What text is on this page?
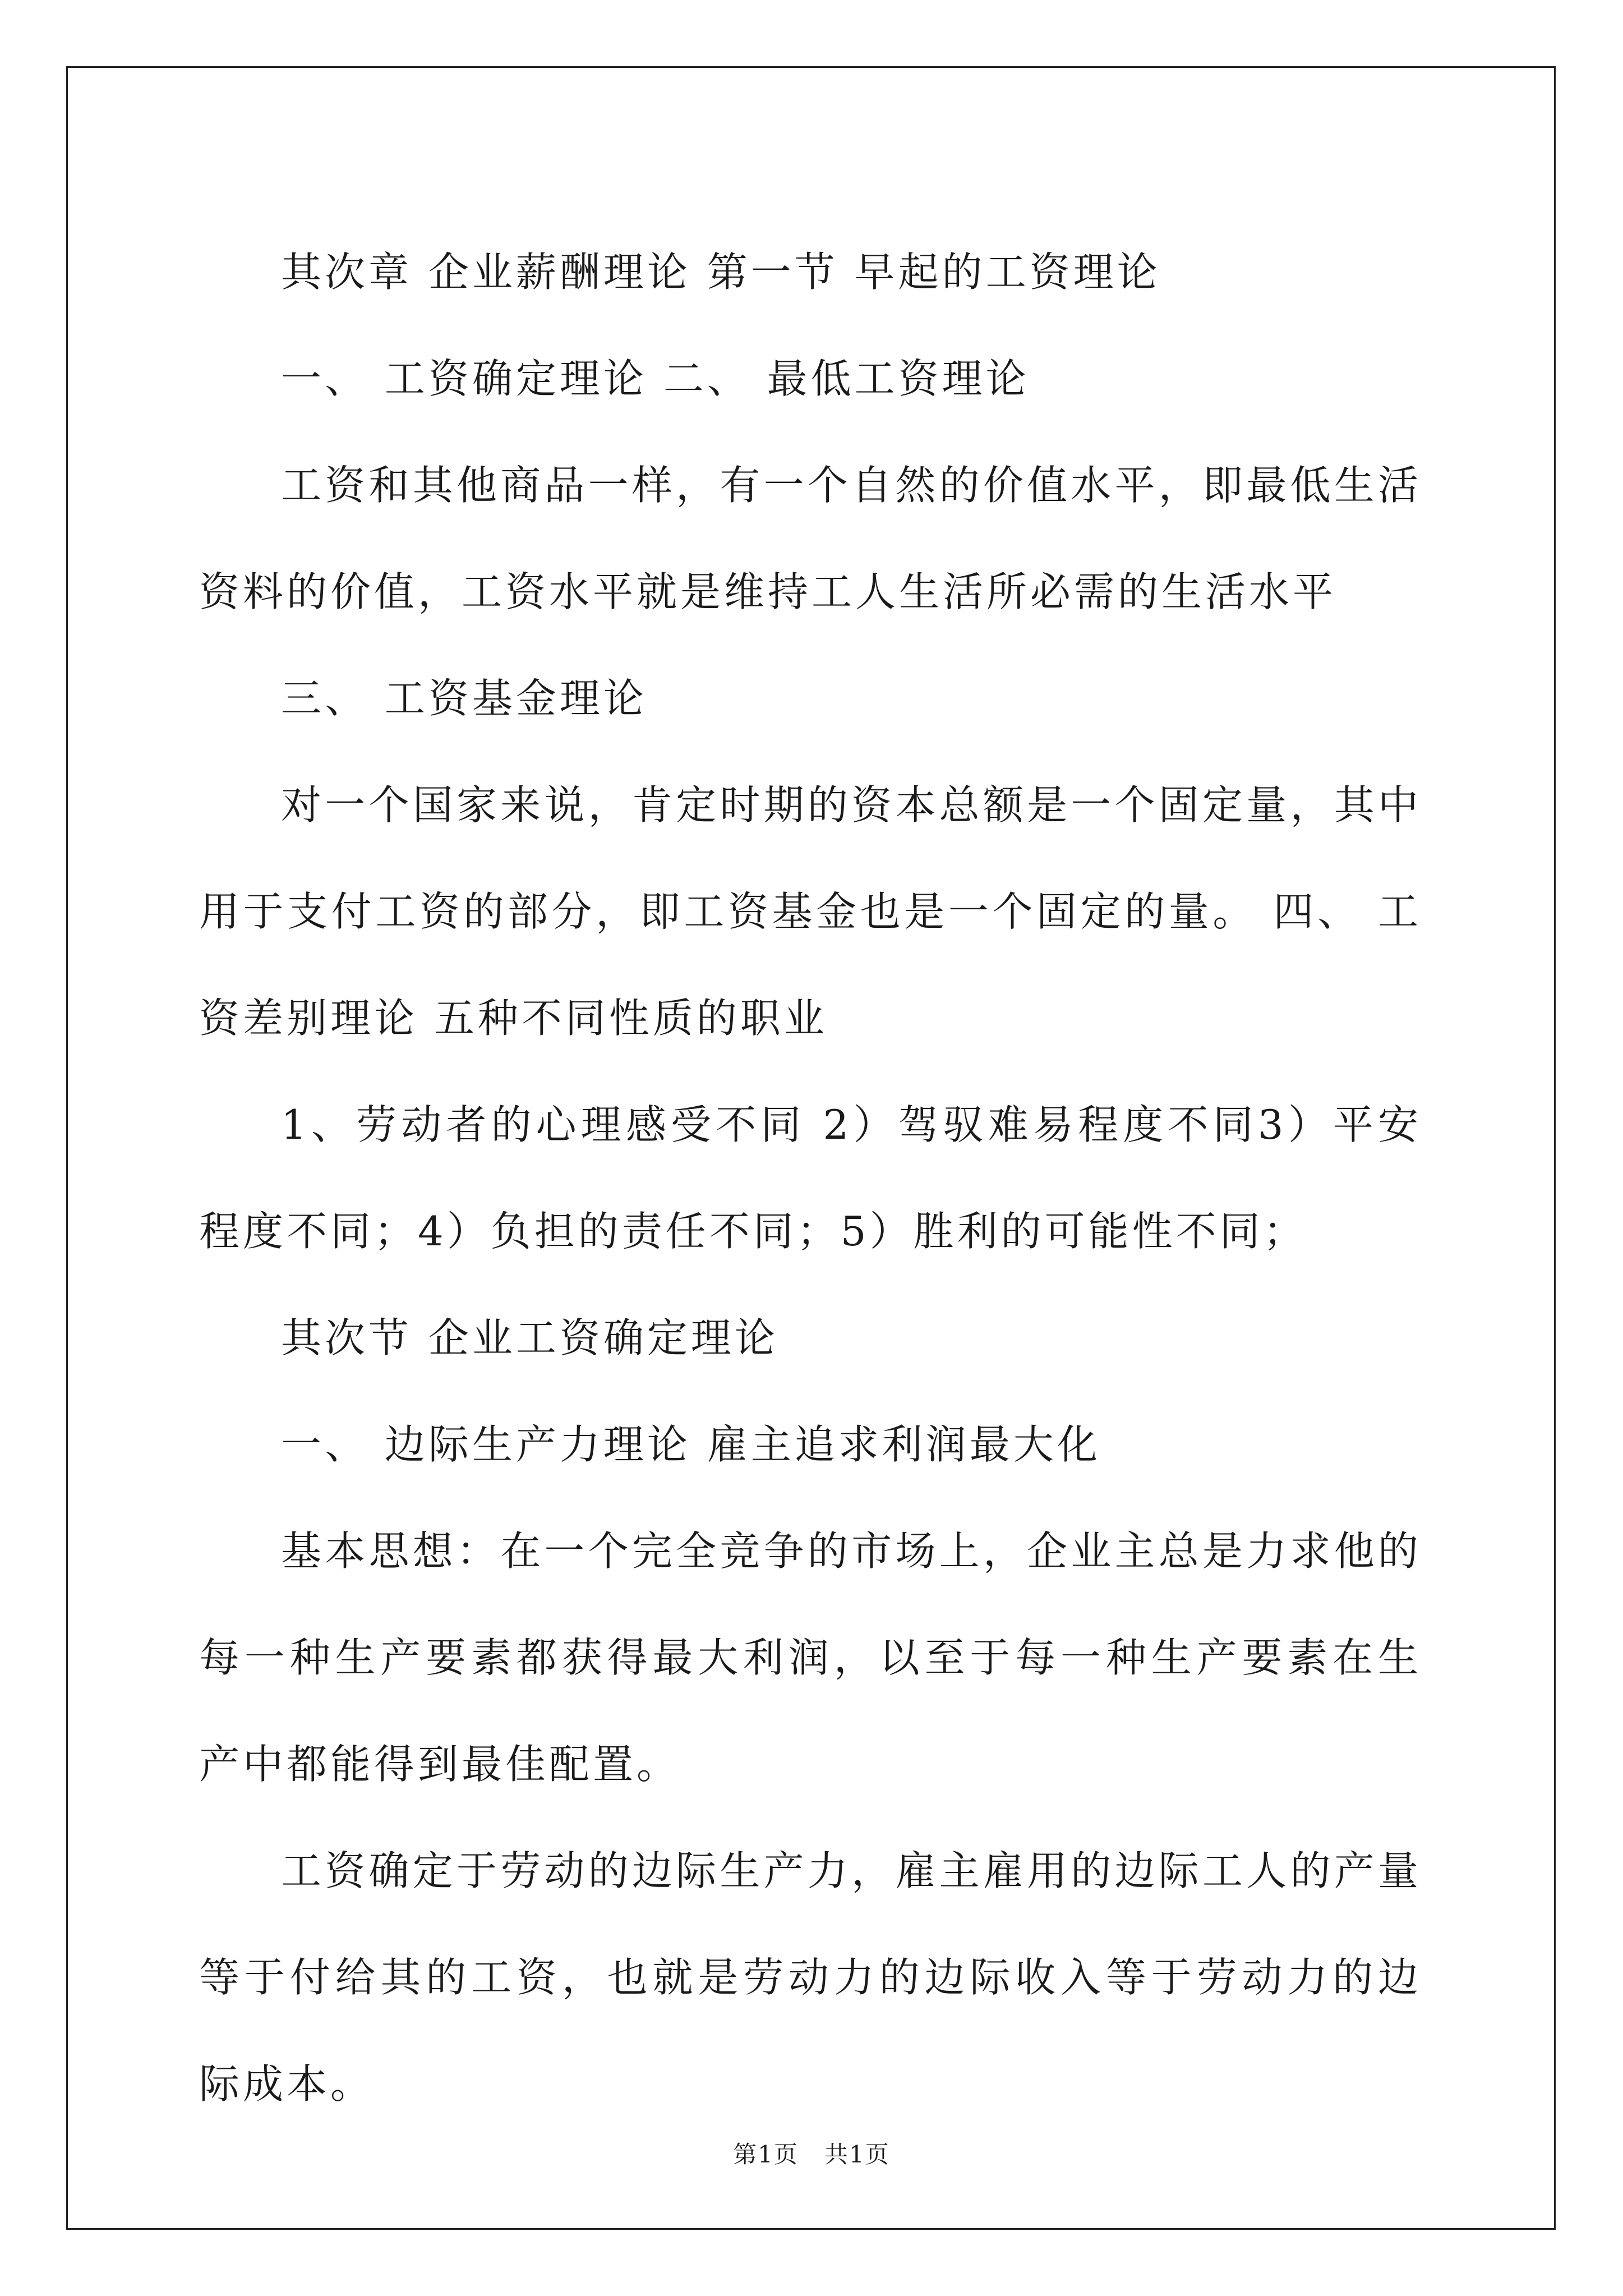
其次章 企业薪酬理论 第一节 早起的工资理论

一、 工资确定理论 二、 最低工资理论

工资和其他商品一样，有一个自然的价值水平，即最低生活资料的价值，工资水平就是维持工人生活所必需的生活水平

三、 工资基金理论

对一个国家来说，肯定时期的资本总额是一个固定量，其中用于支付工资的部分，即工资基金也是一个固定的量。 四、 工资差别理论 五种不同性质的职业

1、劳动者的心理感受不同 2）驾驭难易程度不同3）平安程度不同；4）负担的责任不同；5）胜利的可能性不同；

其次节 企业工资确定理论

一、 边际生产力理论 雇主追求利润最大化

基本思想：在一个完全竞争的市场上，企业主总是力求他的每一种生产要素都获得最大利润，以至于每一种生产要素在生产中都能得到最佳配置。

工资确定于劳动的边际生产力，雇主雇用的边际工人的产量等于付给其的工资，也就是劳动力的边际收入等于劳动力的边际成本。

第1页   共1页
